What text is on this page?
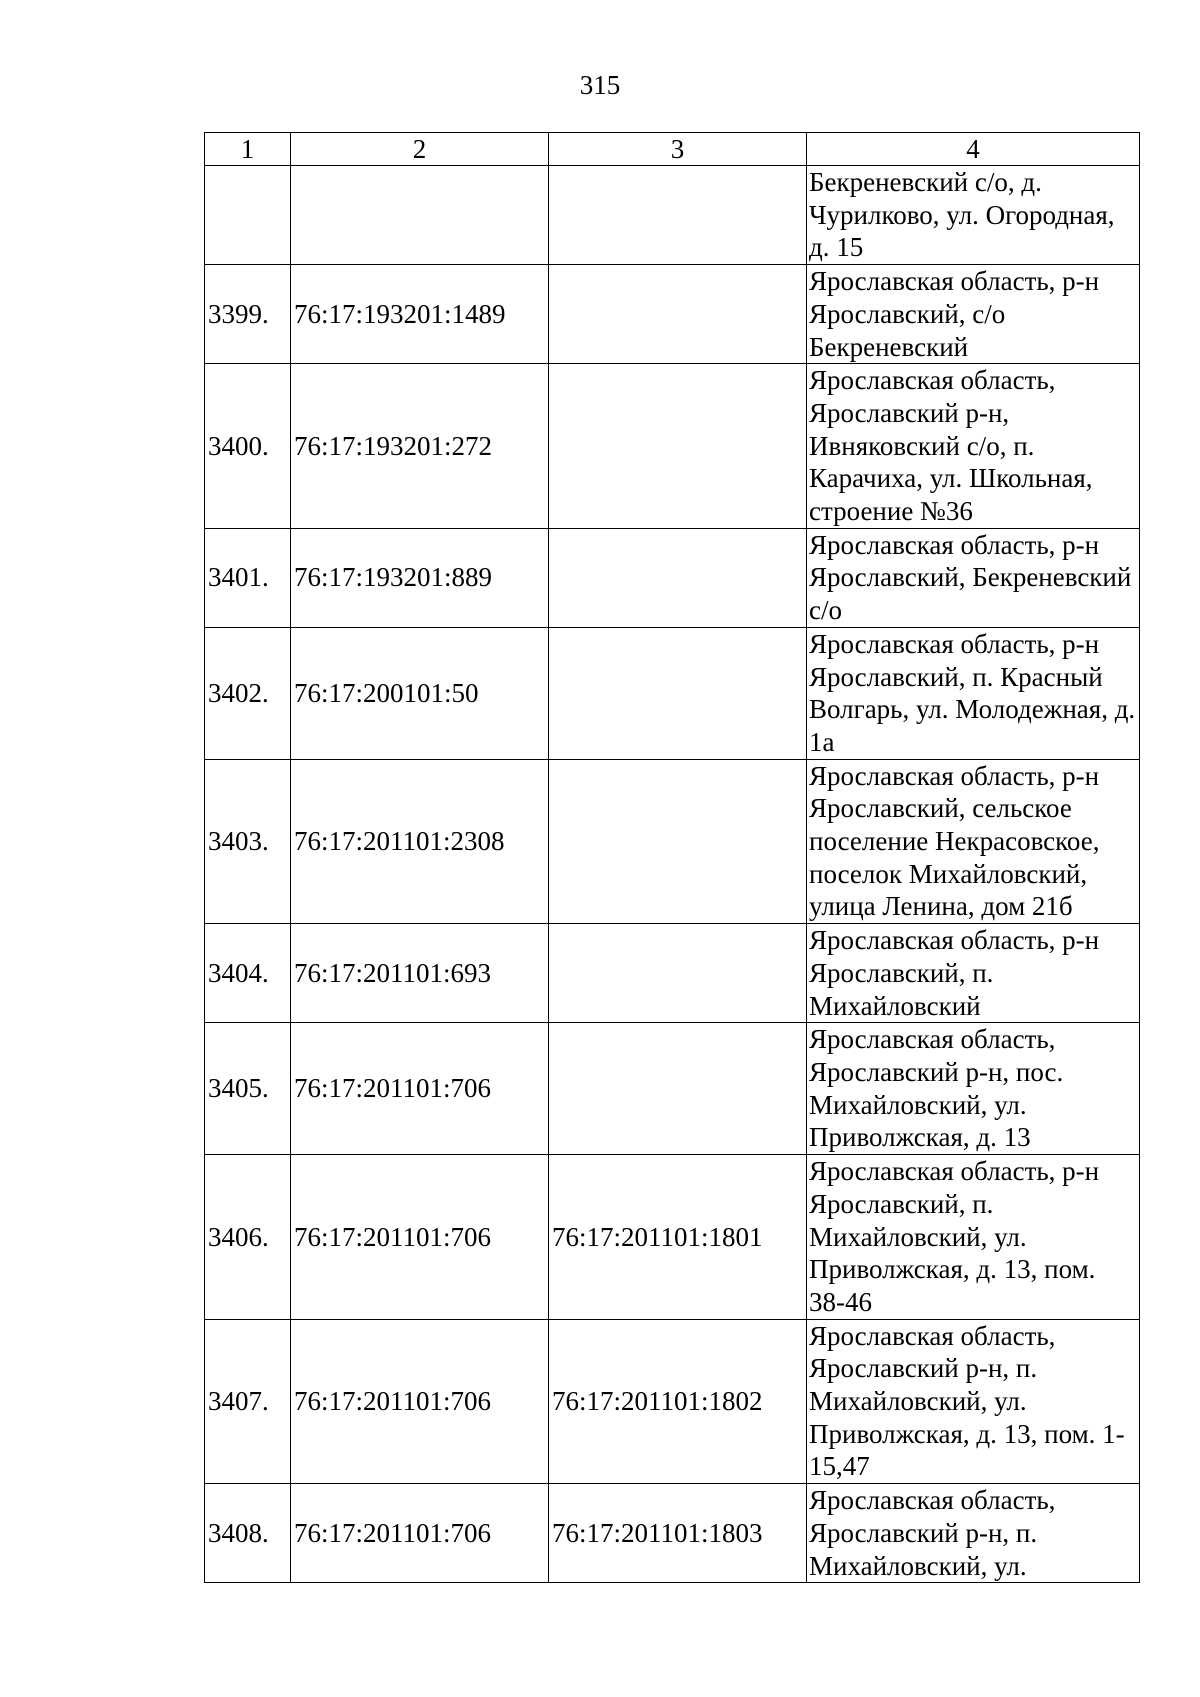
315
1	2	3	4
			Бекреневский с/о, д. Чурилково, ул. Огородная, д. 15
3399.	76:17:193201:1489		Ярославская область, р-н Ярославский, с/о Бекреневский
3400.	76:17:193201:272		Ярославская область, Ярославский р-н, Ивняковский с/о, п. Карачиха, ул. Школьная, строение №36
3401.	76:17:193201:889		Ярославская область, р-н Ярославский, Бекреневский с/о
3402.	76:17:200101:50		Ярославская область, р-н Ярославский, п. Красный Волгарь, ул. Молодежная, д. 1а
3403.	76:17:201101:2308		Ярославская область, р-н Ярославский, сельское поселение Некрасовское, поселок Михайловский, улица Ленина, дом 21б
3404.	76:17:201101:693		Ярославская область, р-н Ярославский, п. Михайловский
3405.	76:17:201101:706		Ярославская область, Ярославский р-н, пос. Михайловский, ул. Приволжская, д. 13
3406.	76:17:201101:706	76:17:201101:1801	Ярославская область, р-н Ярославский, п. Михайловский, ул. Приволжская, д. 13, пом. 38-46
3407.	76:17:201101:706	76:17:201101:1802	Ярославская область, Ярославский р-н, п. Михайловский, ул. Приволжская, д. 13, пом. 1-15,47
3408.	76:17:201101:706	76:17:201101:1803	Ярославская область, Ярославский р-н, п. Михайловский, ул.
